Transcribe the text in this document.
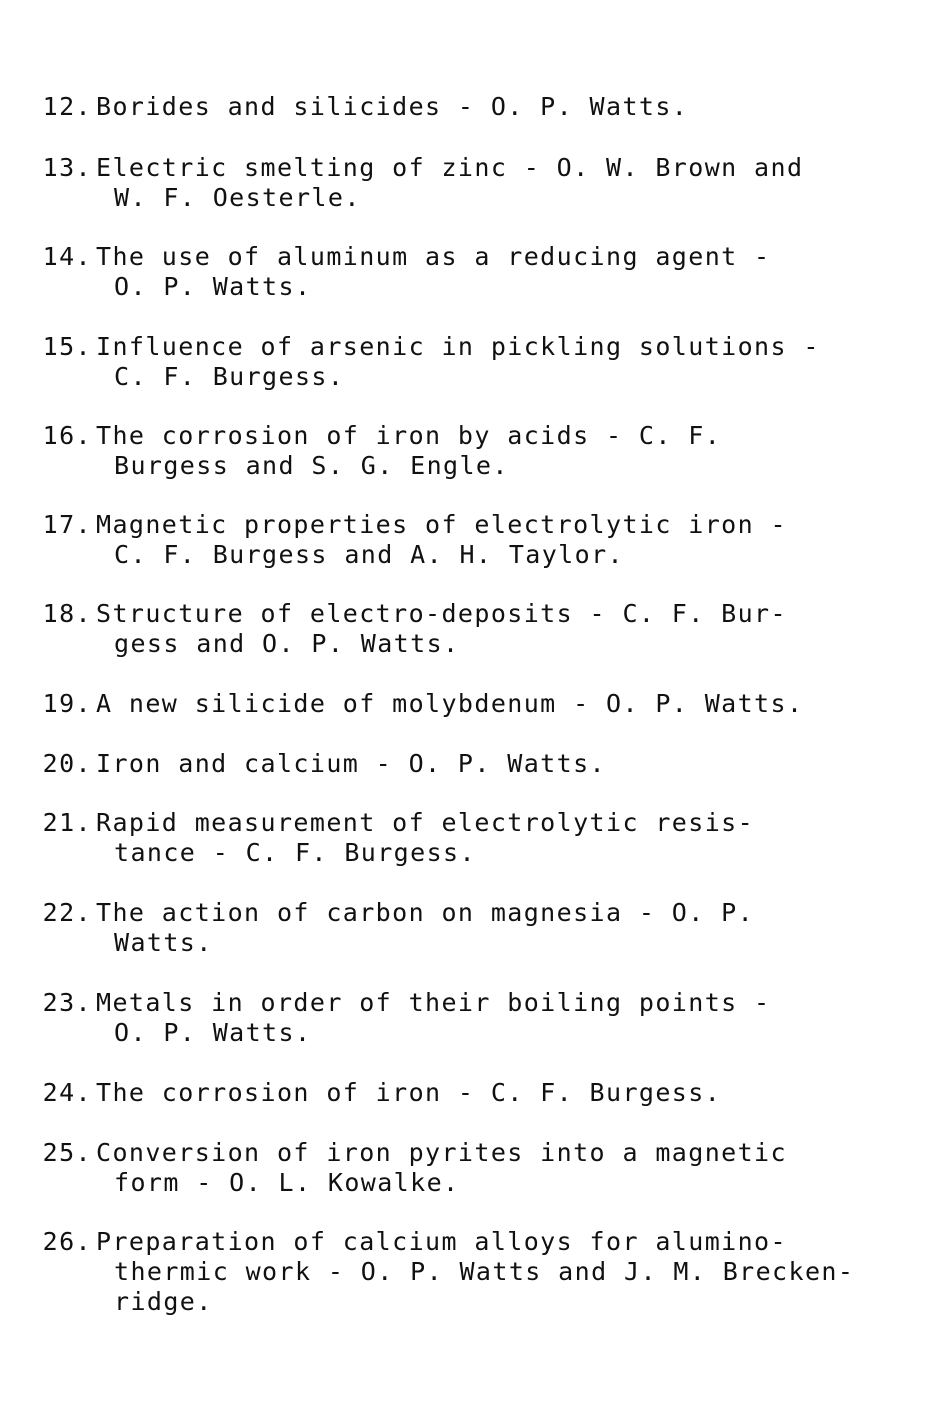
12.

Borides and silicides - O. P. Watts.

13.

Electric smelting of zinc - O. W. Brown and

W. F. Oesterle.

14.

The use of aluminum as a reducing agent -

O. P. Watts.

15.

Influence of arsenic in pickling solutions -

C. F. Burgess.

16.

The corrosion of iron by acids - C. F.

Burgess and S. G. Engle.

17.

Magnetic properties of electrolytic iron -

C. F. Burgess and A. H. Taylor.

18.

Structure of electro-deposits - C. F. Bur-

gess and O. P. Watts.

19.

A new silicide of molybdenum - O. P. Watts.

20.

Iron and calcium - O. P. Watts.

21.

Rapid measurement of electrolytic resis-

tance - C. F. Burgess.

22.

The action of carbon on magnesia - O. P.

Watts.

23.

Metals in order of their boiling points -

O. P. Watts.

24.

The corrosion of iron - C. F. Burgess.

25.

Conversion of iron pyrites into a magnetic

form - O. L. Kowalke.

26.

Preparation of calcium alloys for alumino-

thermic work - O. P. Watts and J. M. Brecken-

ridge.
